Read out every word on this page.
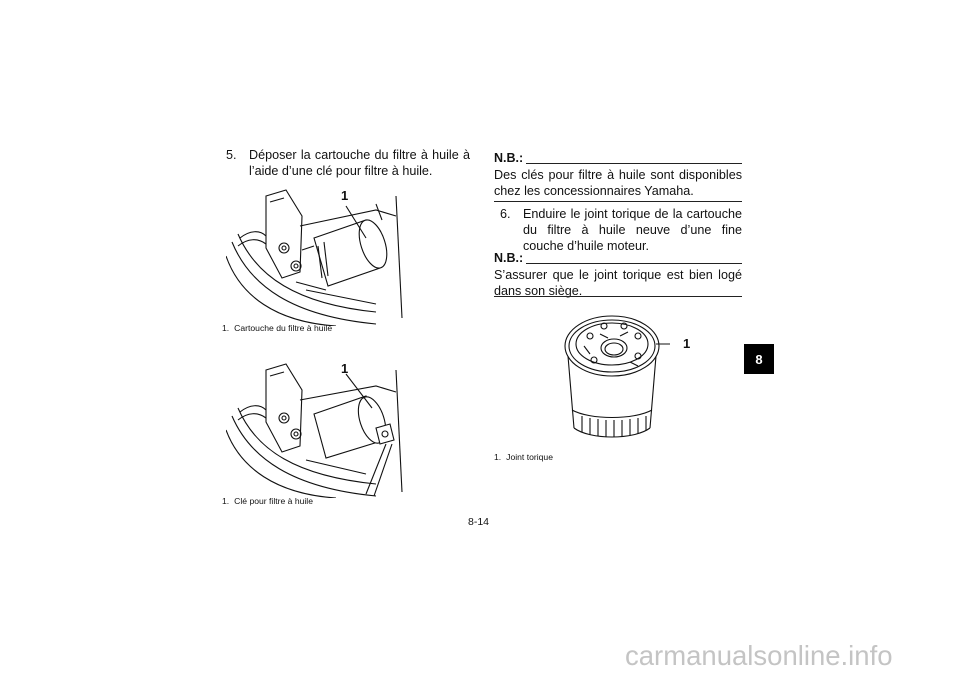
5. Déposer la cartouche du filtre à huile à l’aide d’une clé pour filtre à huile.
1
1. Cartouche du filtre à huile
1
1. Clé pour filtre à huile
N.B.:
Des clés pour filtre à huile sont disponibles chez les concessionnaires Yamaha.
6. Enduire le joint torique de la cartouche du filtre à huile neuve d’une fine couche d’huile moteur.
N.B.:
S’assurer que le joint torique est bien logé dans son siège.
1
1. Joint torique
8
8-14
carmanualsonline.info
